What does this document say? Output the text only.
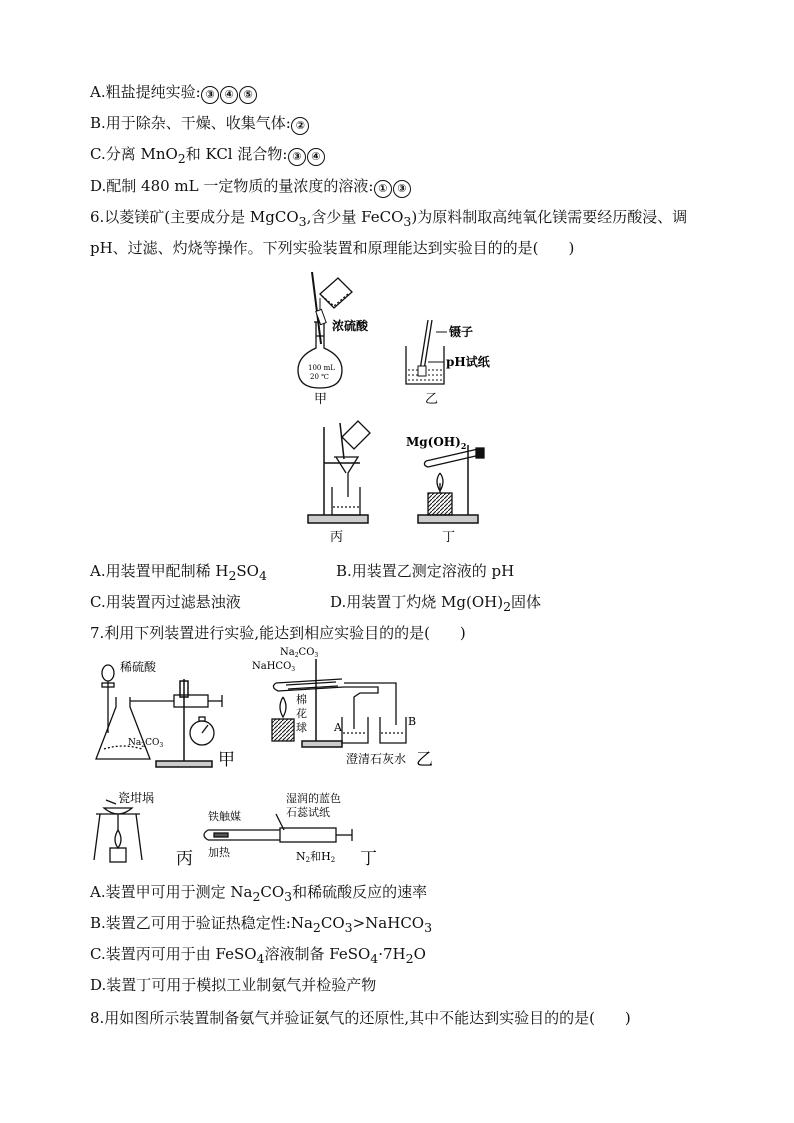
A.粗盐提纯实验: ③ ④ ⑤
B.用于除杂、干燥、收集气体: ②
C.分离 MnO$_2$和 KCl 混合物: ③ ④
D.配制 480 mL 一定物质的量浓度的溶液: ① ③
6.以菱镁矿(主要成分是 MgCO$_3$,含少量 FeCO$_3$)为原料制取高纯氧化镁需要经历酸浸、调
pH、过滤、灼烧等操作。下列实验装置和原理能达到实验目的的是(　　)
浓硫酸
100 mL
20 ℃
甲
镊子
pH试纸
乙
丙
$Mg(OH)_2$
丁
A.用装置甲配制稀 $H_2SO_4$	B.用装置乙测定溶液的 pH
C.用装置丙过滤悬浊液	D.用装置丁灼烧 $Mg(OH)_2$固体
7.利用下列装置进行实验,能达到相应实验目的的是(　　)
稀硫酸
$Na_2CO_3$
甲
$Na_2CO_3$
NaHCO$_3$
棉
花
球 A	B
澄清石灰水 乙
瓷坩埚
丙
铁触媒
湿润的蓝色
石蕊试纸
加热	N2和H2 丁
A.装置甲可用于测定 $Na_2CO_3$和稀硫酸反应的速率
B.装置乙可用于验证热稳定性$:Na_2CO_3>NaHCO_3$
C.装置丙可用于由 FeSO$_4$溶液制备 $FeSO_4\cdot 7H_2O$
D.装置丁可用于模拟工业制氨气并检验产物
8.用如图所示装置制备氨气并验证氨气的还原性,其中不能达到实验目的的是(　　)
